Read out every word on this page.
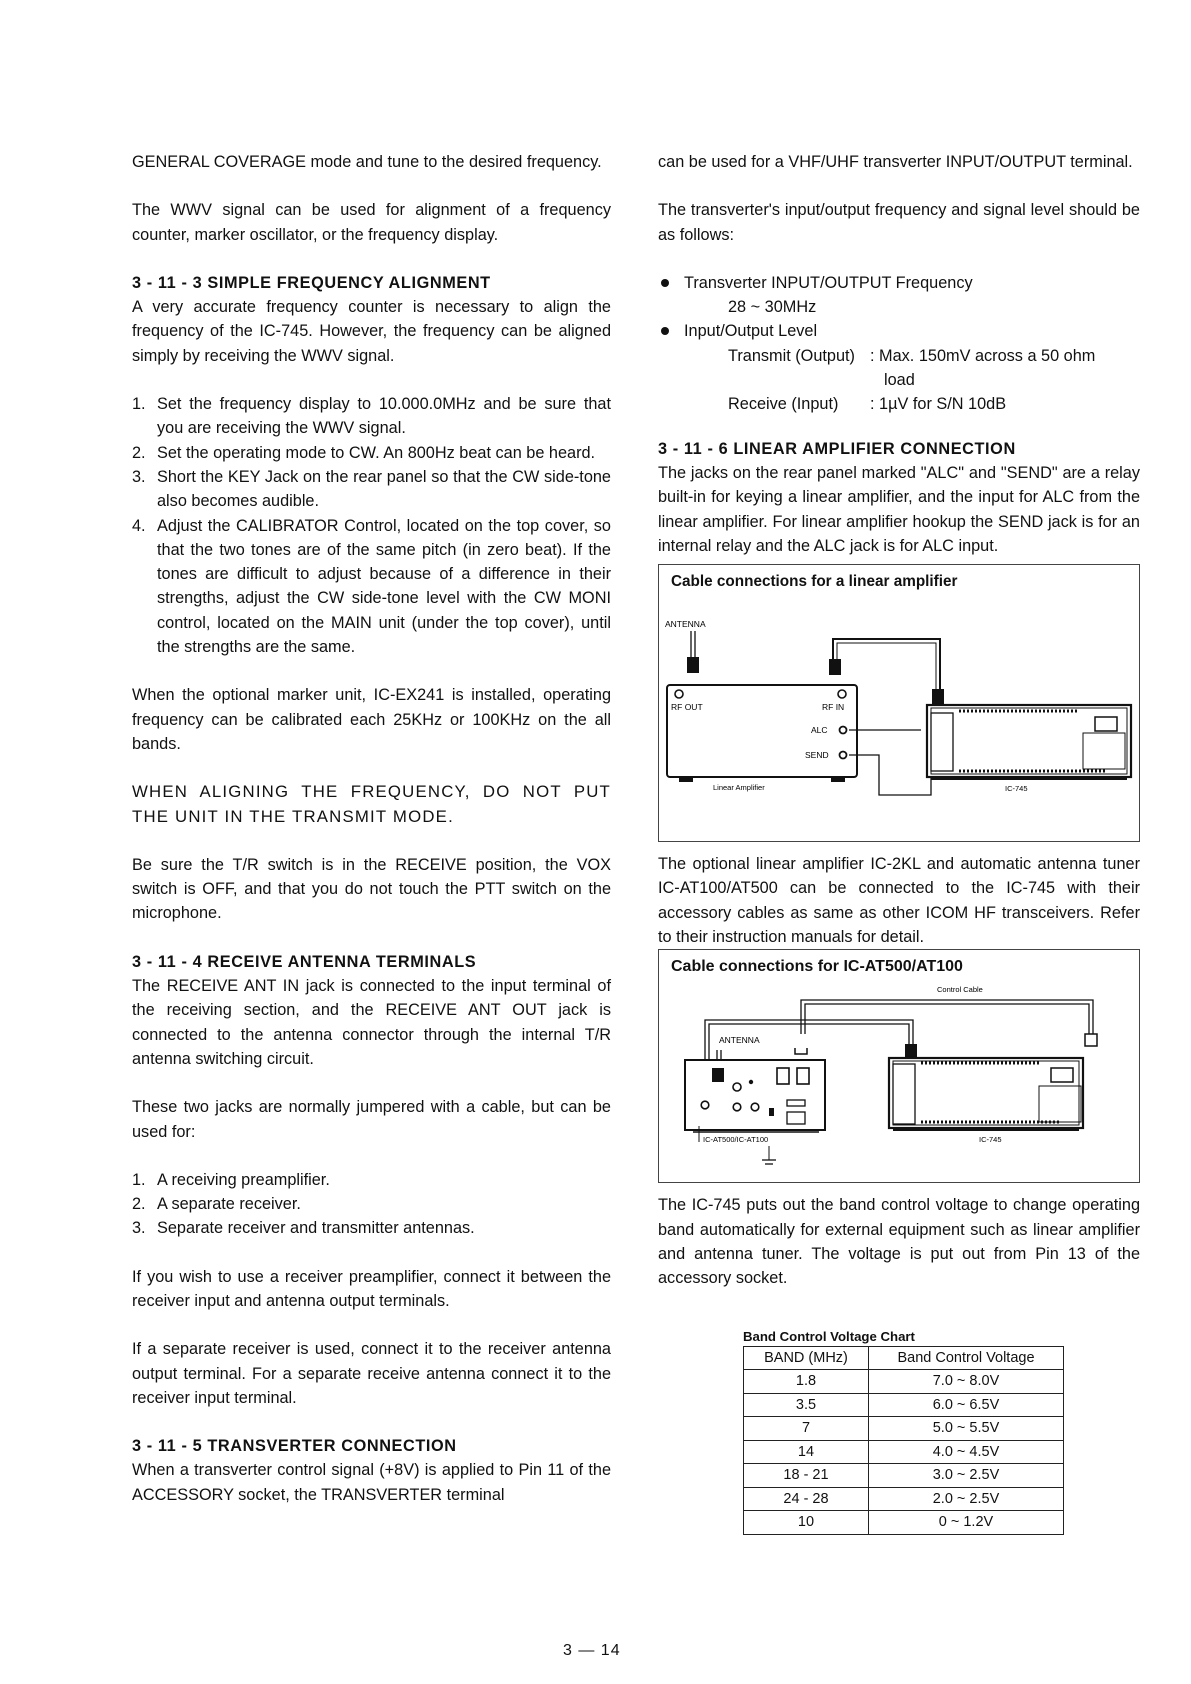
GENERAL COVERAGE mode and tune to the desired frequency.

The WWV signal can be used for alignment of a frequency counter, marker oscillator, or the frequency display.

3 - 11 - 3 SIMPLE FREQUENCY ALIGNMENT

A very accurate frequency counter is necessary to align the frequency of the IC-745. However, the frequency can be aligned simply by receiving the WWV signal.

1. Set the frequency display to 10.000.0MHz and be sure that you are receiving the WWV signal.
2. Set the operating mode to CW. An 800Hz beat can be heard.
3. Short the KEY Jack on the rear panel so that the CW side-tone also becomes audible.
4. Adjust the CALIBRATOR Control, located on the top cover, so that the two tones are of the same pitch (in zero beat). If the tones are difficult to adjust because of a difference in their strengths, adjust the CW side-tone level with the CW MONI control, located on the MAIN unit (under the top cover), until the strengths are the same.

When the optional marker unit, IC-EX241 is installed, operating frequency can be calibrated each 25KHz or 100KHz on the all bands.

WHEN ALIGNING THE FREQUENCY, DO NOT PUT THE UNIT IN THE TRANSMIT MODE.

Be sure the T/R switch is in the RECEIVE position, the VOX switch is OFF, and that you do not touch the PTT switch on the microphone.

3 - 11 - 4 RECEIVE ANTENNA TERMINALS

The RECEIVE ANT IN jack is connected to the input terminal of the receiving section, and the RECEIVE ANT OUT jack is connected to the antenna connector through the internal T/R antenna switching circuit.

These two jacks are normally jumpered with a cable, but can be used for:

1. A receiving preamplifier.
2. A separate receiver.
3. Separate receiver and transmitter antennas.

If you wish to use a receiver preamplifier, connect it between the receiver input and antenna output terminals.

If a separate receiver is used, connect it to the receiver antenna output terminal. For a separate receive antenna connect it to the receiver input terminal.

3 - 11 - 5 TRANSVERTER CONNECTION

When a transverter control signal (+8V) is applied to Pin 11 of the ACCESSORY socket, the TRANSVERTER terminal

can be used for a VHF/UHF transverter INPUT/OUTPUT terminal.

The transverter's input/output frequency and signal level should be as follows:

Transverter INPUT/OUTPUT Frequency
28 ~ 30MHz
Input/Output Level
Transmit (Output) : Max. 150mV across a 50 ohm
load
Receive (Input) : 1µV for S/N 10dB
3 - 11 - 6 LINEAR AMPLIFIER CONNECTION

The jacks on the rear panel marked "ALC" and "SEND" are a relay built-in for keying a linear amplifier, and the input for ALC from the linear amplifier. For linear amplifier hookup the SEND jack is for an internal relay and the ALC jack is for ALC input.

Cable connections for a linear amplifier
ANTENNA
RF OUT	RF IN
ALC
SEND
Linear Amplifier	IC-745

The optional linear amplifier IC-2KL and automatic antenna tuner IC-AT100/AT500 can be connected to the IC-745 with their accessory cables as same as other ICOM HF transceivers. Refer to their instruction manuals for detail.

Cable connections for IC-AT500/AT100
Control Cable
ANTENNA
IC-AT500/IC-AT100	IC-745

The IC-745 puts out the band control voltage to change operating band automatically for external equipment such as linear amplifier and antenna tuner. The voltage is put out from Pin 13 of the accessory socket.

Band Control Voltage Chart
BAND (MHz)	Band Control Voltage
1.8	7.0 ~ 8.0V
3.5	6.0 ~ 6.5V
7	5.0 ~ 5.5V
14	4.0 ~ 4.5V
18 - 21	3.0 ~ 2.5V
24 - 28	2.0 ~ 2.5V
10	0 ~ 1.2V
3 — 14
